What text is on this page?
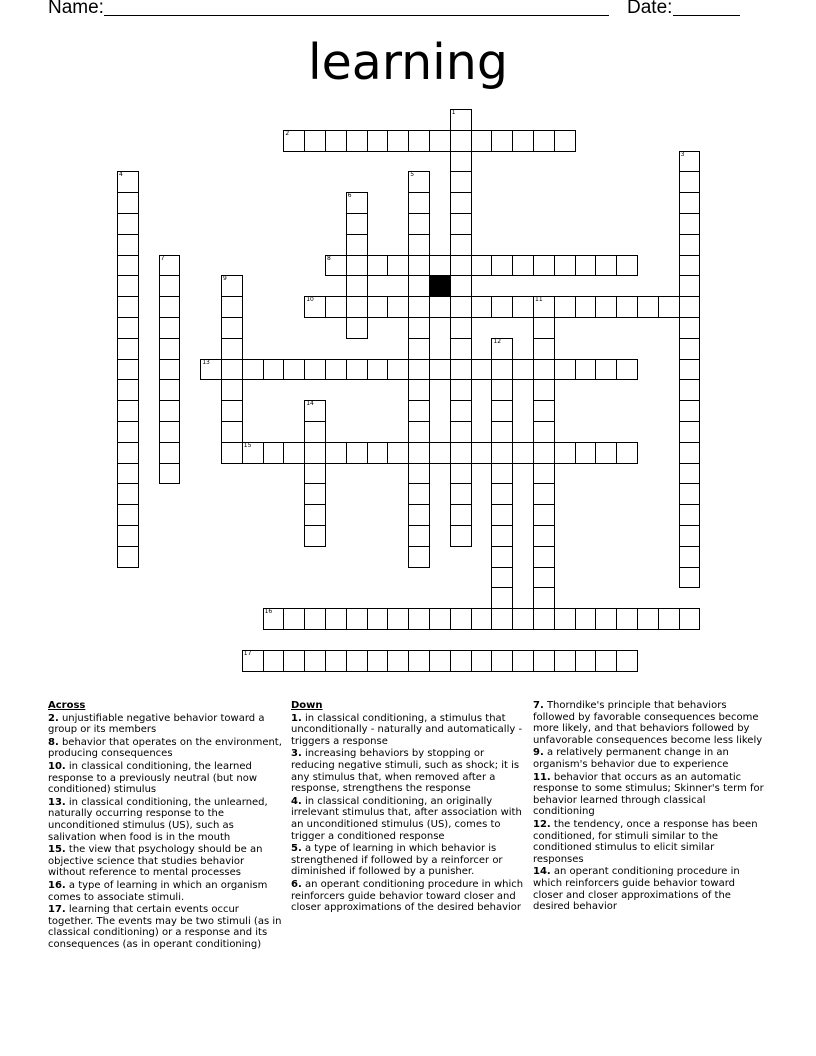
Name:	Date:
learning
2
1
3
4	5
6
7
9
8
10	11
12
13
14
15
16
17
Across
2. unjustifiable negative behavior toward a group or its members
8. behavior that operates on the environment, producing consequences
10. in classical conditioning, the learned response to a previously neutral (but now conditioned) stimulus
13. in classical conditioning, the unlearned, naturally occurring response to the unconditioned stimulus (US), such as salivation when food is in the mouth
15. the view that psychology should be an objective science that studies behavior without reference to mental processes
16. a type of learning in which an organism comes to associate stimuli.
17. learning that certain events occur together. The events may be two stimuli (as in classical conditioning) or a response and its consequences (as in operant conditioning)
Down
1. in classical conditioning, a stimulus that unconditionally - naturally and automatically - triggers a response
3. increasing behaviors by stopping or reducing negative stimuli, such as shock; it is any stimulus that, when removed after a response, strengthens the response
4. in classical conditioning, an originally irrelevant stimulus that, after association with an unconditioned stimulus (US), comes to trigger a conditioned response
5. a type of learning in which behavior is strengthened if followed by a reinforcer or diminished if followed by a punisher.
6. an operant conditioning procedure in which reinforcers guide behavior toward closer and closer approximations of the desired behavior
7. Thorndike's principle that behaviors followed by favorable consequences become more likely, and that behaviors followed by unfavorable consequences become less likely
9. a relatively permanent change in an organism's behavior due to experience
11. behavior that occurs as an automatic response to some stimulus; Skinner's term for behavior learned through classical conditioning
12. the tendency, once a response has been conditioned, for stimuli similar to the conditioned stimulus to elicit similar responses
14. an operant conditioning procedure in which reinforcers guide behavior toward closer and closer approximations of the desired behavior
